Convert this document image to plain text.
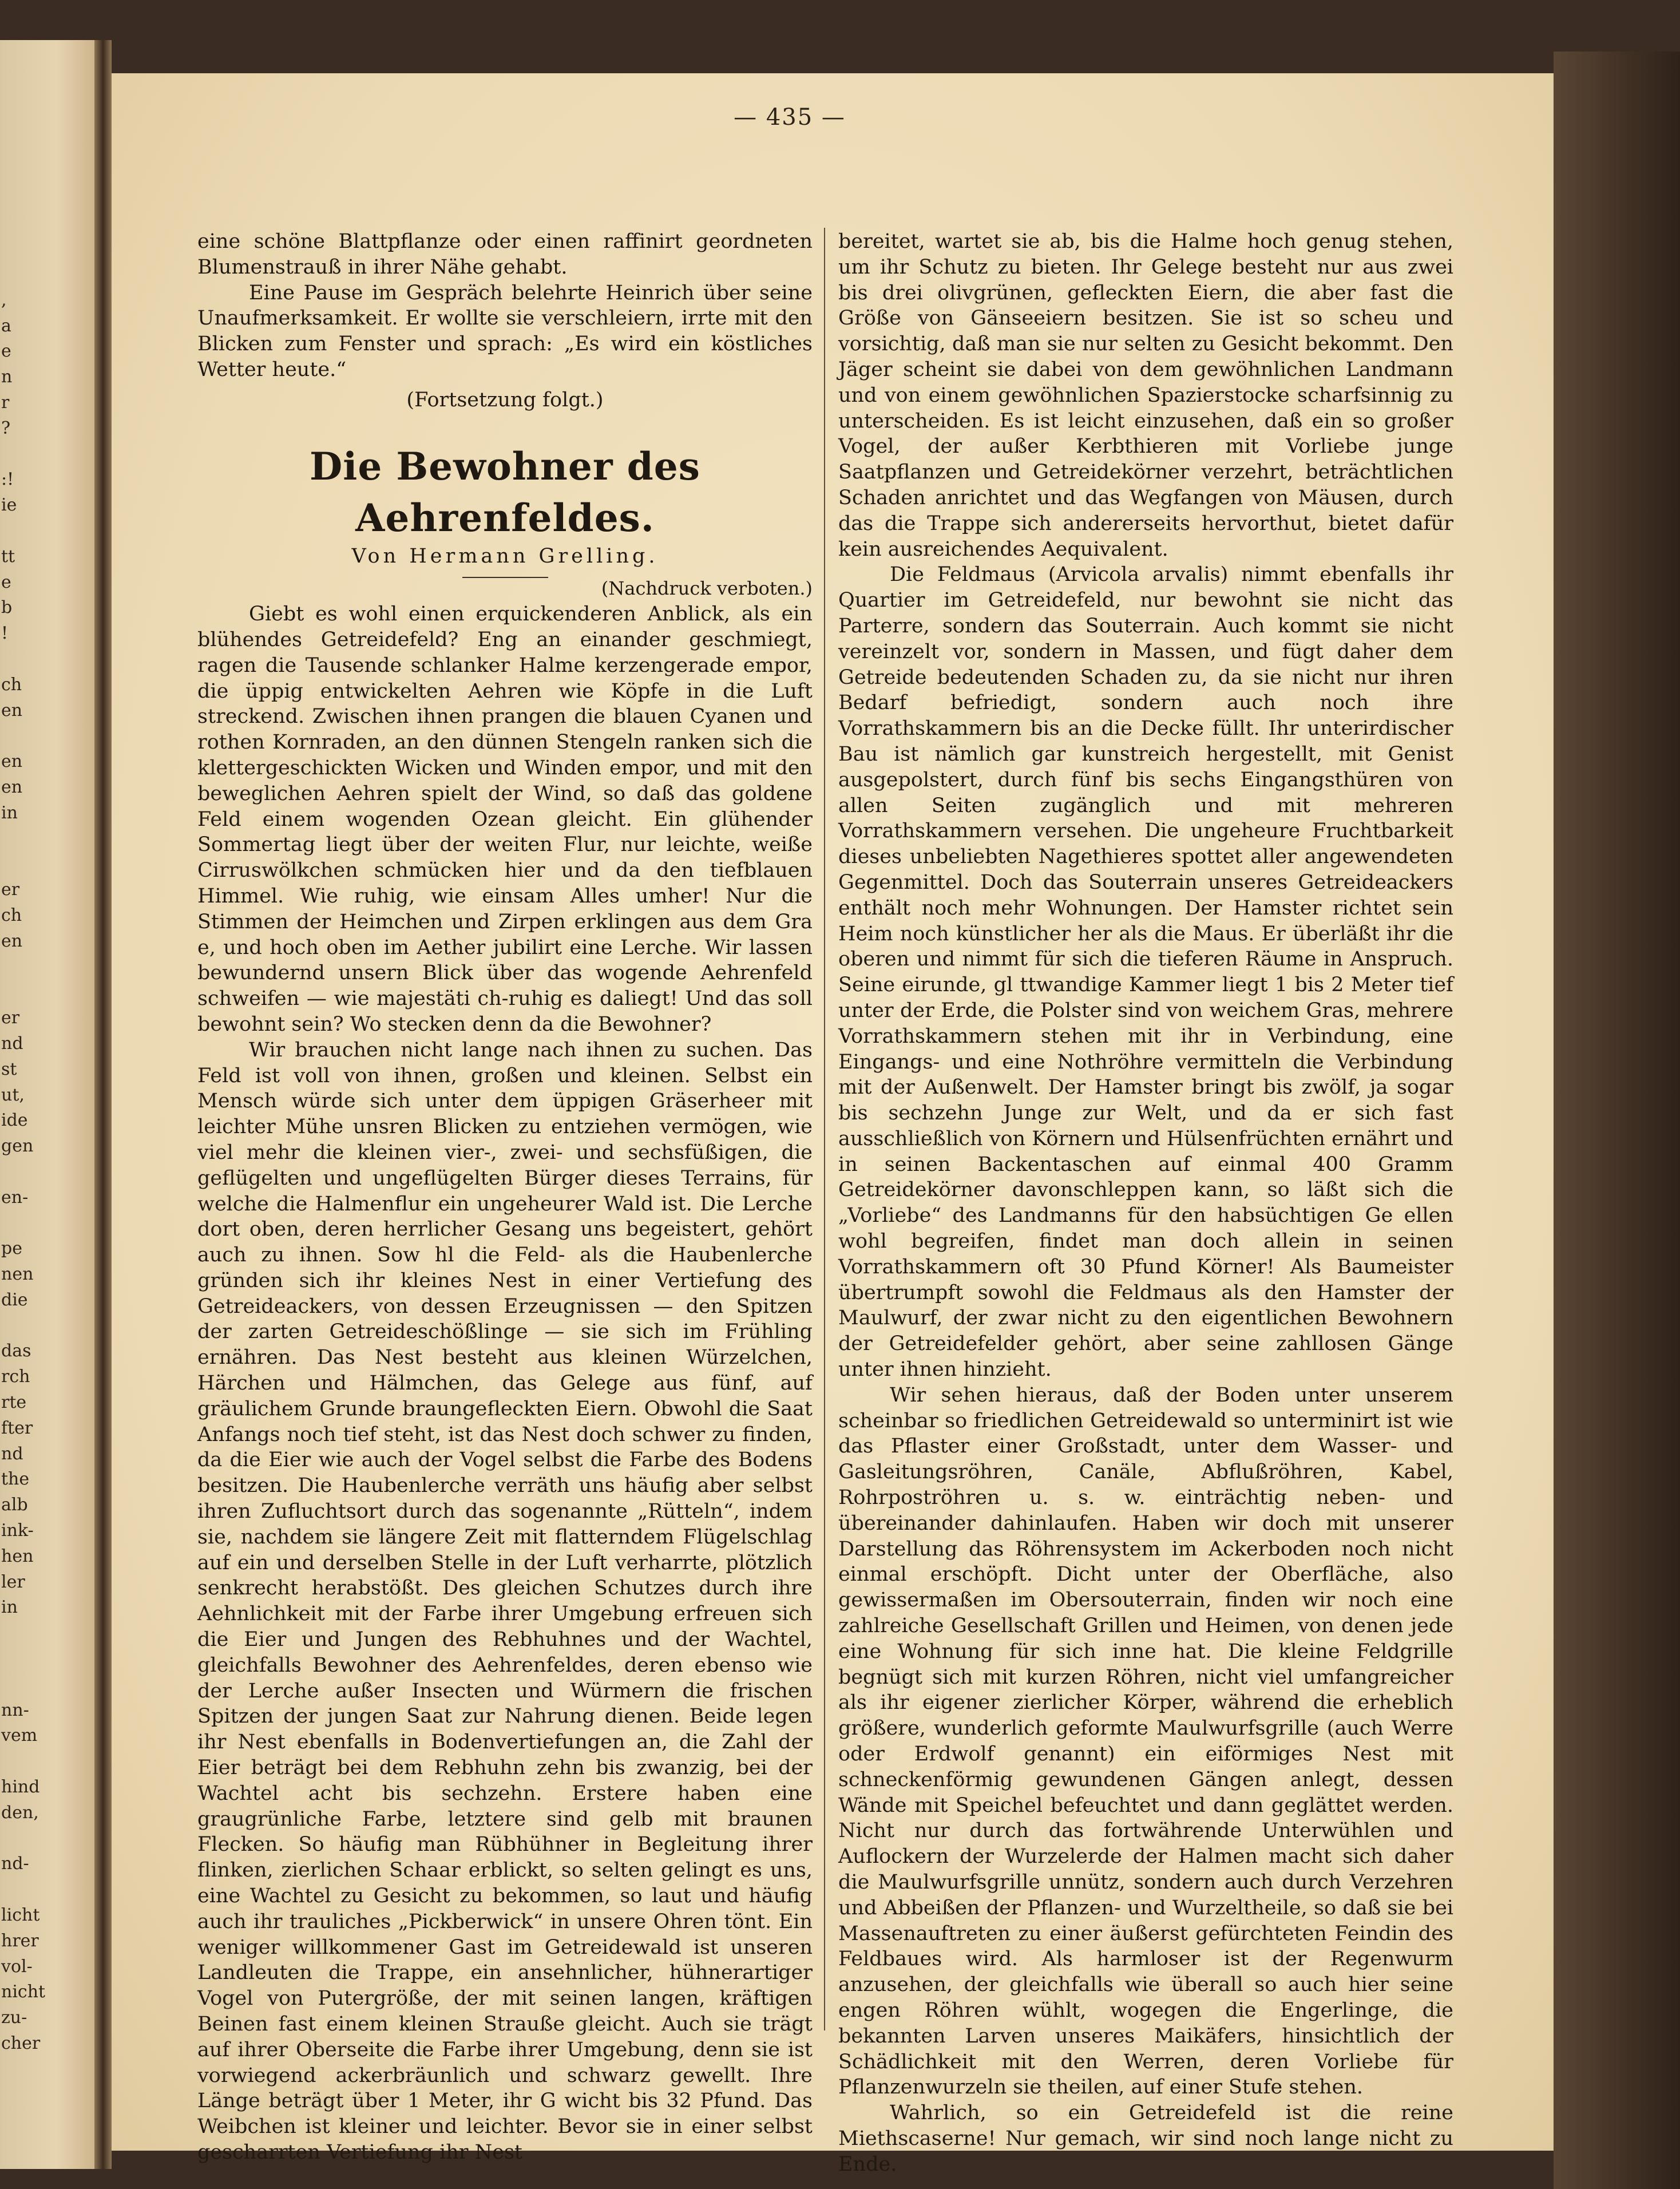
,
a
e
n
r
?
:!
ie
tt
e
b
!
ch
en
en
en
in
er
ch
en
er
nd
st
ut,
ide
gen
en-
pe
nen
die
das
rch
rte
fter
nd
the
alb
ink-
hen
ler
in
nn-
vem
hind
den,
nd-
licht
hrer
vol-
nicht
zu-
cher
— 435 —

eine schöne Blattpflanze oder einen raffinirt geordneten Blumenstrauß in ihrer Nähe gehabt.

Eine Pause im Gespräch belehrte Heinrich über seine Unaufmerksamkeit. Er wollte sie verschleiern, irrte mit den Blicken zum Fenster und sprach: „Es wird ein köstliches Wetter heute.“

(Fortsetzung folgt.)

Die Bewohner des Aehrenfeldes.

Von Hermann Grelling.

(Nachdruck verboten.)

Giebt es wohl einen erquickenderen Anblick, als ein blühendes Getreidefeld? Eng an einander geschmiegt, ragen die Tausende schlanker Halme kerzengerade empor, die üppig entwickelten Aehren wie Köpfe in die Luft streckend. Zwischen ihnen prangen die blauen Cyanen und rothen Kornraden, an den dünnen Stengeln ranken sich die klettergeschickten Wicken und Winden empor, und mit den beweglichen Aehren spielt der Wind, so daß das goldene Feld einem wogenden Ozean gleicht. Ein glühender Sommertag liegt über der weiten Flur, nur leichte, weiße Cirruswölkchen schmücken hier und da den tiefblauen Himmel. Wie ruhig, wie einsam Alles umher! Nur die Stimmen der Heimchen und Zirpen erklingen aus dem Gra e, und hoch oben im Aether jubilirt eine Lerche. Wir lassen bewundernd unsern Blick über das wogende Aehrenfeld schweifen — wie majestäti ch-ruhig es daliegt! Und das soll bewohnt sein? Wo stecken denn da die Bewohner?

Wir brauchen nicht lange nach ihnen zu suchen. Das Feld ist voll von ihnen, großen und kleinen. Selbst ein Mensch würde sich unter dem üppigen Gräserheer mit leichter Mühe unsren Blicken zu entziehen vermögen, wie viel mehr die kleinen vier-, zwei- und sechsfüßigen, die geflügelten und ungeflügelten Bürger dieses Terrains, für welche die Halmenflur ein ungeheurer Wald ist. Die Lerche dort oben, deren herrlicher Gesang uns begeistert, gehört auch zu ihnen. Sow hl die Feld- als die Haubenlerche gründen sich ihr kleines Nest in einer Vertiefung des Getreideackers, von dessen Erzeugnissen — den Spitzen der zarten Getreideschößlinge — sie sich im Frühling ernähren. Das Nest besteht aus kleinen Würzelchen, Härchen und Hälmchen, das Gelege aus fünf, auf gräulichem Grunde braungefleckten Eiern. Obwohl die Saat Anfangs noch tief steht, ist das Nest doch schwer zu finden, da die Eier wie auch der Vogel selbst die Farbe des Bodens besitzen. Die Haubenlerche verräth uns häufig aber selbst ihren Zufluchtsort durch das sogenannte „Rütteln“, indem sie, nachdem sie längere Zeit mit flatterndem Flügelschlag auf ein und derselben Stelle in der Luft verharrte, plötzlich senkrecht herabstößt. Des gleichen Schutzes durch ihre Aehnlichkeit mit der Farbe ihrer Umgebung erfreuen sich die Eier und Jungen des Rebhuhnes und der Wachtel, gleichfalls Bewohner des Aehrenfeldes, deren ebenso wie der Lerche außer Insecten und Würmern die frischen Spitzen der jungen Saat zur Nahrung dienen. Beide legen ihr Nest ebenfalls in Bodenvertiefungen an, die Zahl der Eier beträgt bei dem Rebhuhn zehn bis zwanzig, bei der Wachtel acht bis sechzehn. Erstere haben eine graugrünliche Farbe, letztere sind gelb mit braunen Flecken. So häufig man Rübhühner in Begleitung ihrer flinken, zierlichen Schaar erblickt, so selten gelingt es uns, eine Wachtel zu Gesicht zu bekommen, so laut und häufig auch ihr trauliches „Pickberwick“ in unsere Ohren tönt. Ein weniger willkommener Gast im Getreidewald ist unseren Landleuten die Trappe, ein ansehnlicher, hühnerartiger Vogel von Putergröße, der mit seinen langen, kräftigen Beinen fast einem kleinen Strauße gleicht. Auch sie trägt auf ihrer Oberseite die Farbe ihrer Umgebung, denn sie ist vorwiegend ackerbräunlich und schwarz gewellt. Ihre Länge beträgt über 1 Meter, ihr G wicht bis 32 Pfund. Das Weibchen ist kleiner und leichter. Bevor sie in einer selbst gescharrten Vertiefung ihr Nest

bereitet, wartet sie ab, bis die Halme hoch genug stehen, um ihr Schutz zu bieten. Ihr Gelege besteht nur aus zwei bis drei olivgrünen, gefleckten Eiern, die aber fast die Größe von Gänseeiern besitzen. Sie ist so scheu und vorsichtig, daß man sie nur selten zu Gesicht bekommt. Den Jäger scheint sie dabei von dem gewöhnlichen Landmann und von einem gewöhnlichen Spazierstocke scharfsinnig zu unterscheiden. Es ist leicht einzusehen, daß ein so großer Vogel, der außer Kerbthieren mit Vorliebe junge Saatpflanzen und Getreidekörner verzehrt, beträchtlichen Schaden anrichtet und das Wegfangen von Mäusen, durch das die Trappe sich andererseits hervorthut, bietet dafür kein ausreichendes Aequivalent.

Die Feldmaus (Arvicola arvalis) nimmt ebenfalls ihr Quartier im Getreidefeld, nur bewohnt sie nicht das Parterre, sondern das Souterrain. Auch kommt sie nicht vereinzelt vor, sondern in Massen, und fügt daher dem Getreide bedeutenden Schaden zu, da sie nicht nur ihren Bedarf befriedigt, sondern auch noch ihre Vorrathskammern bis an die Decke füllt. Ihr unterirdischer Bau ist nämlich gar kunstreich hergestellt, mit Genist ausgepolstert, durch fünf bis sechs Eingangsthüren von allen Seiten zugänglich und mit mehreren Vorrathskammern versehen. Die ungeheure Fruchtbarkeit dieses unbeliebten Nagethieres spottet aller angewendeten Gegenmittel. Doch das Souterrain unseres Getreideackers enthält noch mehr Wohnungen. Der Hamster richtet sein Heim noch künstlicher her als die Maus. Er überläßt ihr die oberen und nimmt für sich die tieferen Räume in Anspruch. Seine eirunde, gl ttwandige Kammer liegt 1 bis 2 Meter tief unter der Erde, die Polster sind von weichem Gras, mehrere Vorrathskammern stehen mit ihr in Verbindung, eine Eingangs- und eine Nothröhre vermitteln die Verbindung mit der Außenwelt. Der Hamster bringt bis zwölf, ja sogar bis sechzehn Junge zur Welt, und da er sich fast ausschließlich von Körnern und Hülsenfrüchten ernährt und in seinen Backentaschen auf einmal 400 Gramm Getreidekörner davonschleppen kann, so läßt sich die „Vorliebe“ des Landmanns für den habsüchtigen Ge ellen wohl begreifen, findet man doch allein in seinen Vorrathskammern oft 30 Pfund Körner! Als Baumeister übertrumpft sowohl die Feldmaus als den Hamster der Maulwurf, der zwar nicht zu den eigentlichen Bewohnern der Getreidefelder gehört, aber seine zahllosen Gänge unter ihnen hinzieht.

Wir sehen hieraus, daß der Boden unter unserem scheinbar so friedlichen Getreidewald so unterminirt ist wie das Pflaster einer Großstadt, unter dem Wasser- und Gasleitungsröhren, Canäle, Abflußröhren, Kabel, Rohrpoströhren u. s. w. einträchtig neben- und übereinander dahinlaufen. Haben wir doch mit unserer Darstellung das Röhrensystem im Ackerboden noch nicht einmal erschöpft. Dicht unter der Oberfläche, also gewissermaßen im Obersouterrain, finden wir noch eine zahlreiche Gesellschaft Grillen und Heimen, von denen jede eine Wohnung für sich inne hat. Die kleine Feldgrille begnügt sich mit kurzen Röhren, nicht viel umfangreicher als ihr eigener zierlicher Körper, während die erheblich größere, wunderlich geformte Maulwurfsgrille (auch Werre oder Erdwolf genannt) ein eiförmiges Nest mit schneckenförmig gewundenen Gängen anlegt, dessen Wände mit Speichel befeuchtet und dann geglättet werden. Nicht nur durch das fortwährende Unterwühlen und Auflockern der Wurzelerde der Halmen macht sich daher die Maulwurfsgrille unnütz, sondern auch durch Verzehren und Abbeißen der Pflanzen- und Wurzeltheile, so daß sie bei Massenauftreten zu einer äußerst gefürchteten Feindin des Feldbaues wird. Als harmloser ist der Regenwurm anzusehen, der gleichfalls wie überall so auch hier seine engen Röhren wühlt, wogegen die Engerlinge, die bekannten Larven unseres Maikäfers, hinsichtlich der Schädlichkeit mit den Werren, deren Vorliebe für Pflanzenwurzeln sie theilen, auf einer Stufe stehen.

Wahrlich, so ein Getreidefeld ist die reine Miethscaserne! Nur gemach, wir sind noch lange nicht zu Ende.
